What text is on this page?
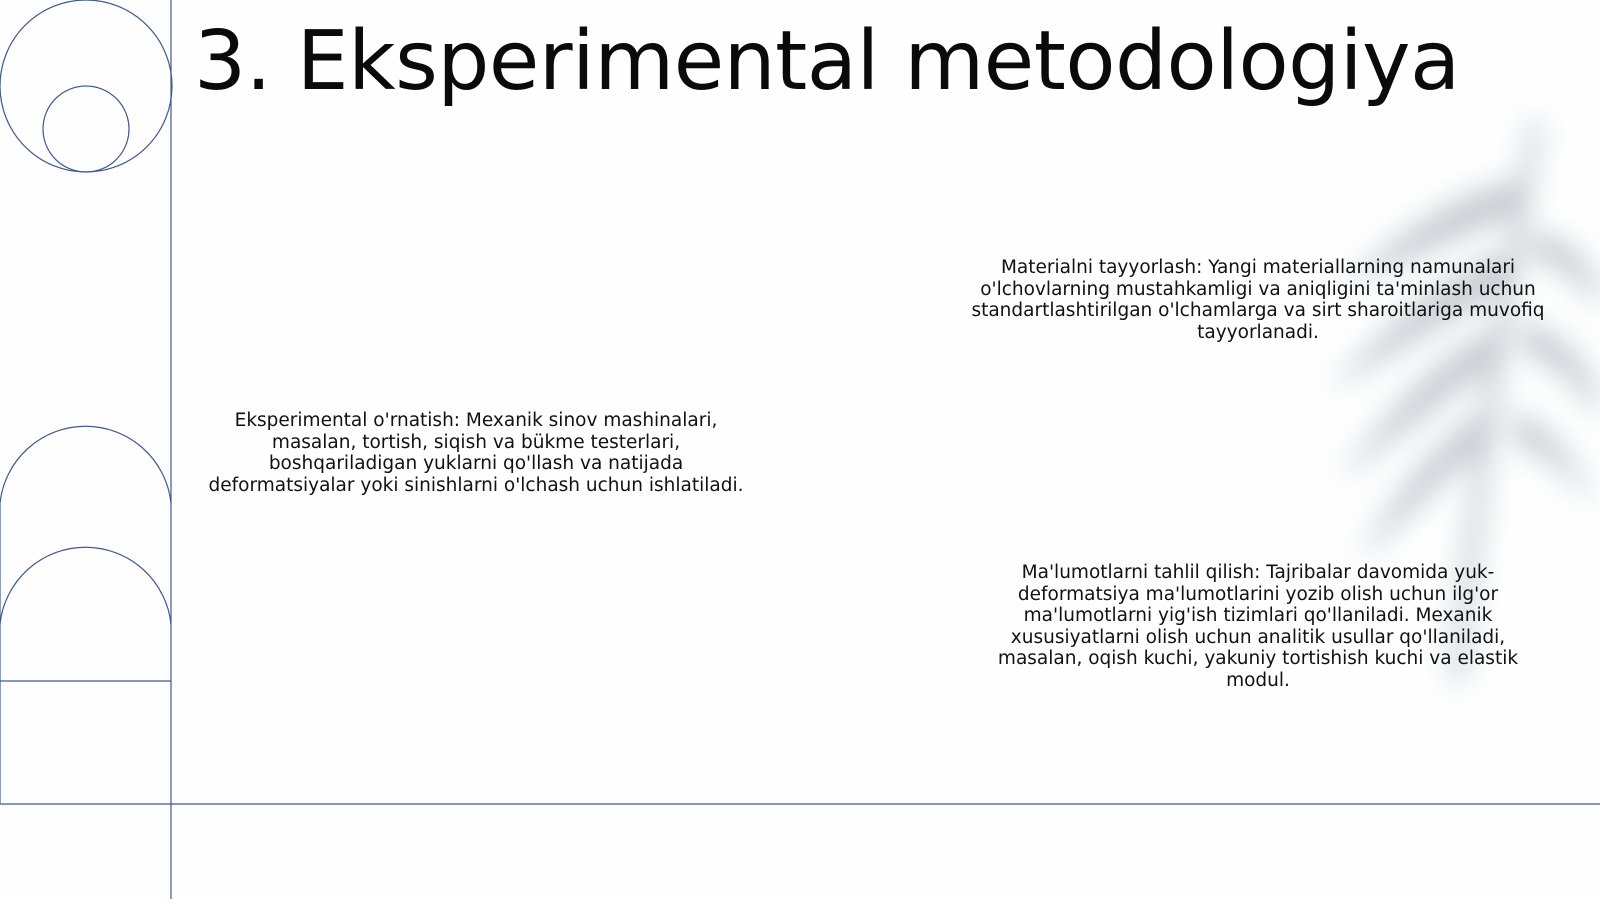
3. Eksperimental metodologiya

Eksperimental o'rnatish: Mexanik sinov mashinalari, masalan, tortish, siqish va bükme testerlari, boshqariladigan yuklarni qo'llash va natijada deformatsiyalar yoki sinishlarni o'lchash uchun ishlatiladi.

Materialni tayyorlash: Yangi materiallarning namunalari o'lchovlarning mustahkamligi va aniqligini ta'minlash uchun standartlashtirilgan o'lchamlarga va sirt sharoitlariga muvofiq tayyorlanadi.

Ma'lumotlarni tahlil qilish: Tajribalar davomida yuk-deformatsiya ma'lumotlarini yozib olish uchun ilg'or ma'lumotlarni yig'ish tizimlari qo'llaniladi. Mexanik xususiyatlarni olish uchun analitik usullar qo'llaniladi, masalan, oqish kuchi, yakuniy tortishish kuchi va elastik modul.
